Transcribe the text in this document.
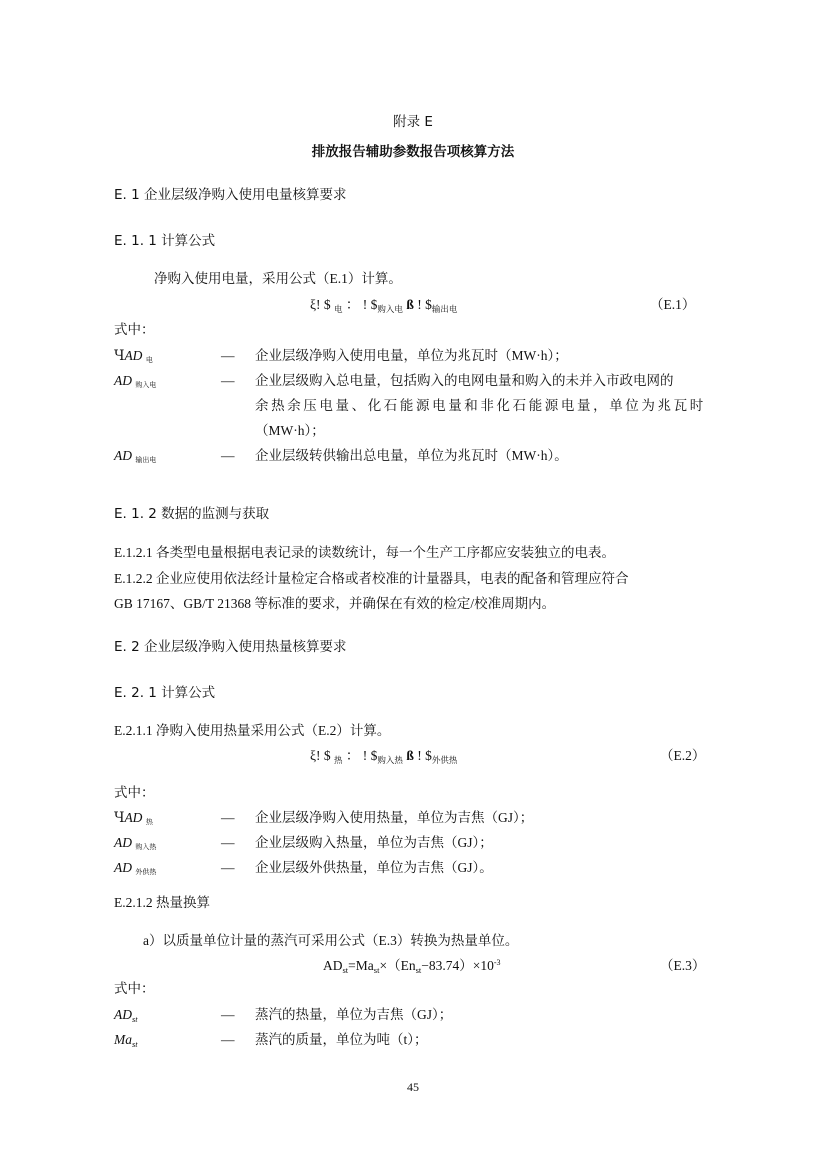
附录 E
排放报告辅助参数报告项核算方法
E. 1 企业层级净购入使用电量核算要求
E. 1. 1 计算公式
净购入使用电量，采用公式（E.1）计算。
ξ! $ $_电$ ： ! $\$_{购入电}$ ß ! $\$_{输出电}$	（E.1）
式中：
ꞍAD 电	— 企业层级净购入使用电量，单位为兆瓦时（MW·h）；
AD 购入电	— 企业层级购入总电量，包括购入的电网电量和购入的未并入市政电网的
余热余压电量、化石能源电量和非化石能源电量，单位为兆瓦时
（MW·h）；
AD 输出电	— 企业层级转供输出总电量，单位为兆瓦时（MW·h）。
E. 1. 2 数据的监测与获取
E.1.2.1 各类型电量根据电表记录的读数统计，每一个生产工序都应安装独立的电表。
E.1.2.2 企业应使用依法经计量检定合格或者校准的计量器具，电表的配备和管理应符合
GB 17167、GB/T 21368 等标准的要求，并确保在有效的检定/校准周期内。
E. 2 企业层级净购入使用热量核算要求
E. 2. 1 计算公式
E.2.1.1 净购入使用热量采用公式（E.2）计算。
ξ! $ $_热$ ： ! $\$_{购入热}$ ß ! $\$_{外供热}$	（E.2）
式中：
ꞍAD 热	— 企业层级净购入使用热量，单位为吉焦（GJ）；
AD 购入热	— 企业层级购入热量，单位为吉焦（GJ）；
AD 外供热	— 企业层级外供热量，单位为吉焦（GJ）。
E.2.1.2 热量换算
a）以质量单位计量的蒸汽可采用公式（E.3）转换为热量单位。
$AD_{st}=Ma_{st}\times(En_{st}-83.74)\times 10^{-3}$	（E.3）
式中：
$AD_{st}$	— 蒸汽的热量，单位为吉焦（GJ）；
$Ma_{st}$	— 蒸汽的质量，单位为吨（t）；
45
